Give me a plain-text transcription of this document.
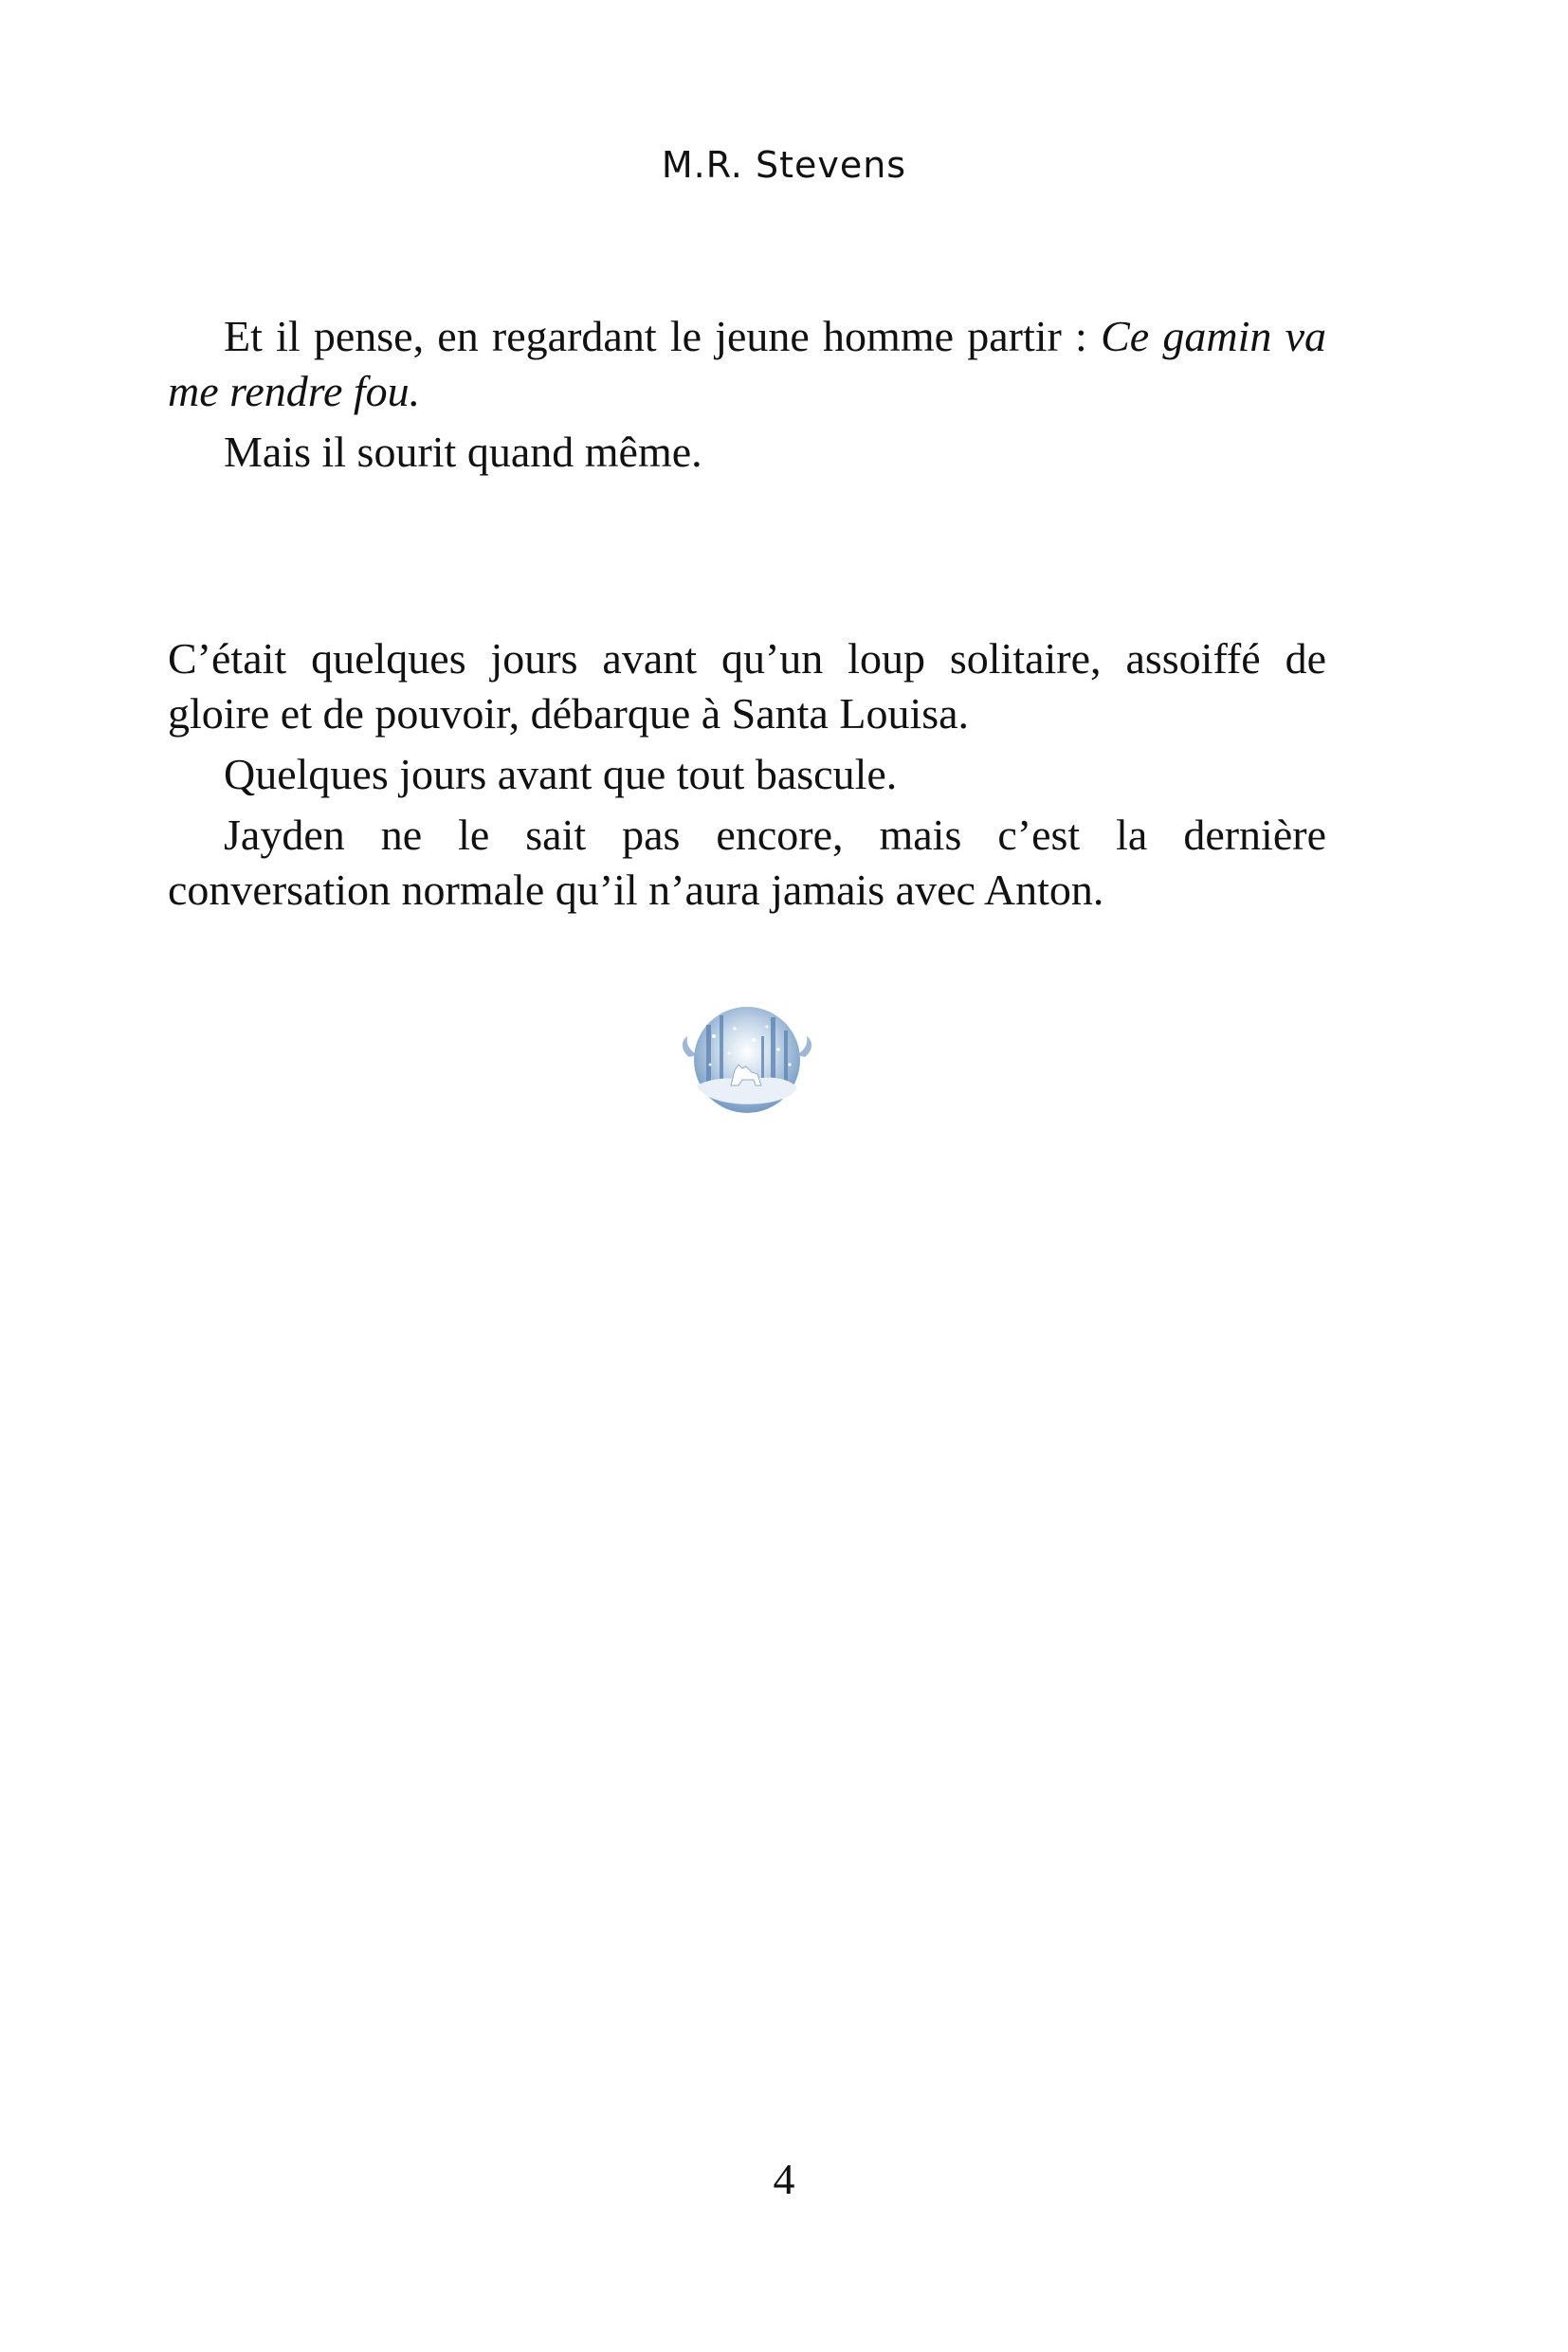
M.R. Stevens

Et il pense, en regardant le jeune homme partir : Ce gamin va me rendre fou.

Mais il sourit quand même.

C’était quelques jours avant qu’un loup solitaire, assoiffé de gloire et de pouvoir, débarque à Santa Louisa.

Quelques jours avant que tout bascule.

Jayden ne le sait pas encore, mais c’est la dernière conversation normale qu’il n’aura jamais avec Anton.

4
